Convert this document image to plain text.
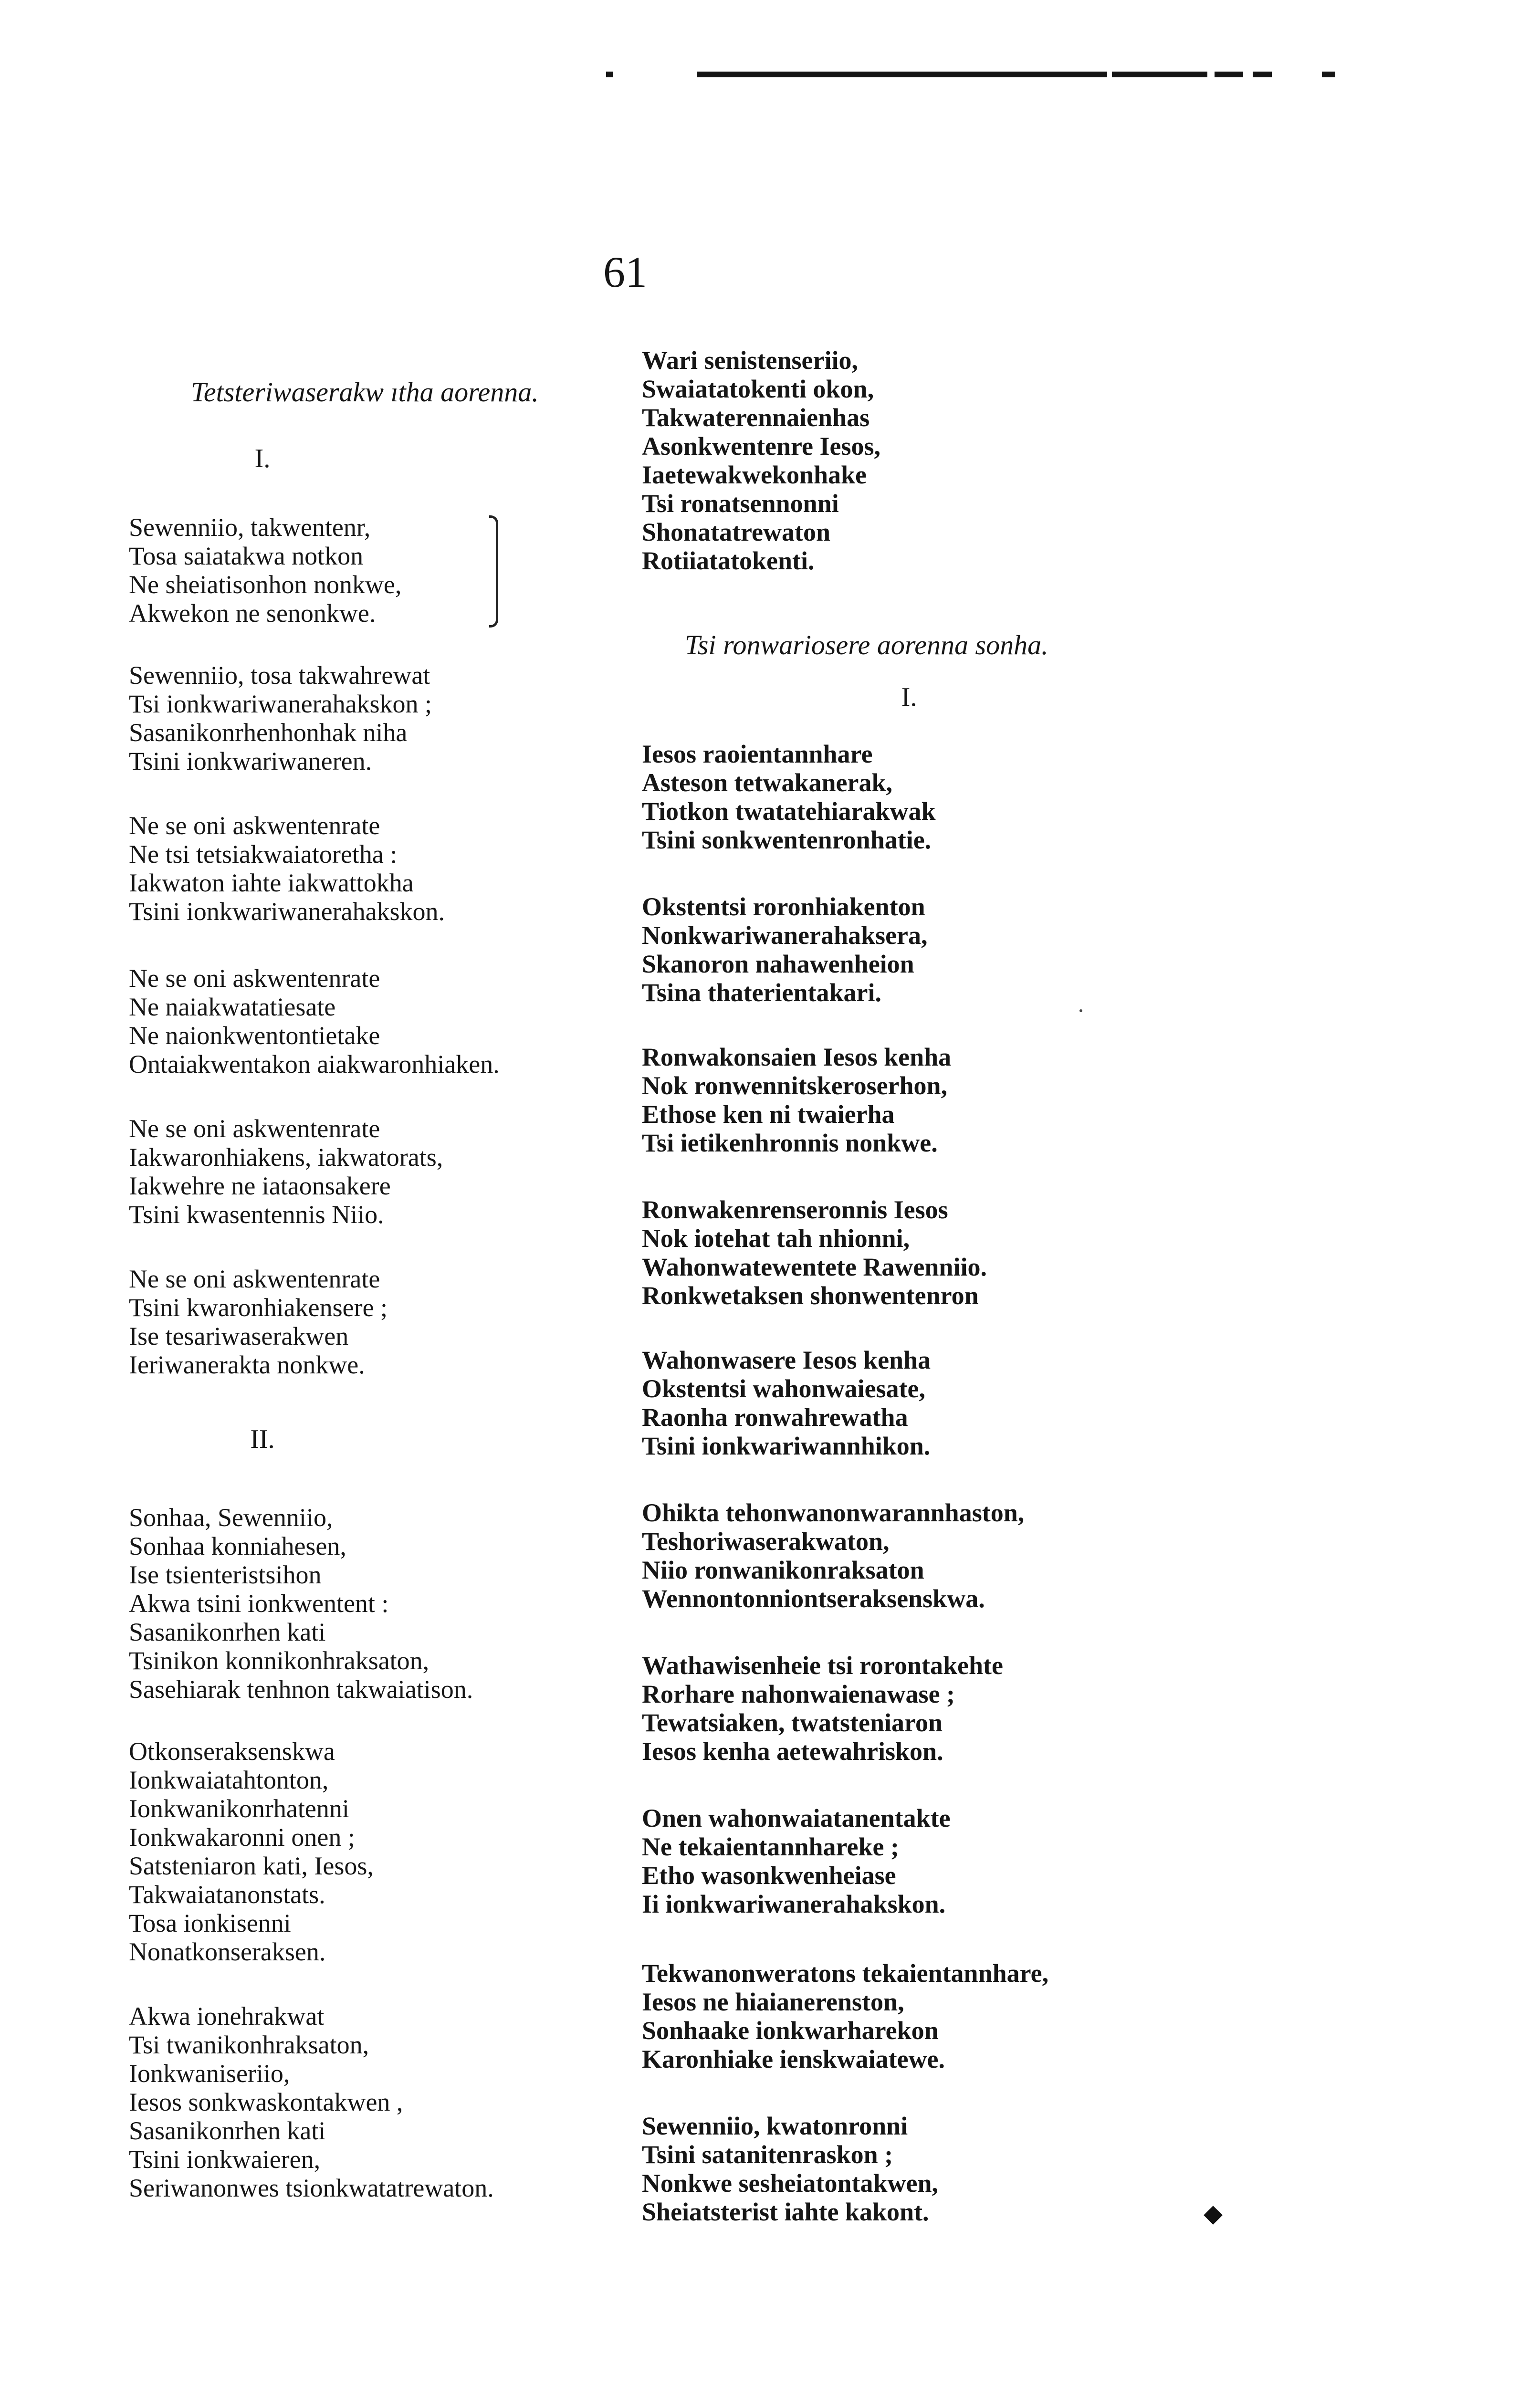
61
Tetsteriwaserakw ıtha aorenna.
I.
Sewenniio, takwentenr,
Tosa saiatakwa notkon
Ne sheiatisonhon nonkwe,
Akwekon ne senonkwe.
Sewenniio, tosa takwahrewat
Tsi ionkwariwanerahakskon ;
Sasanikonrhenhonhak niha
Tsini ionkwariwaneren.
Ne se oni askwentenrate
Ne tsi tetsiakwaiatoretha :
Iakwaton iahte iakwattokha
Tsini ionkwariwanerahakskon.
Ne se oni askwentenrate
Ne naiakwatatiesate
Ne naionkwentontietake
Ontaiakwentakon aiakwaronhiaken.
Ne se oni askwentenrate
Iakwaronhiakens, iakwatorats,
Iakwehre ne iataonsakere
Tsini kwasentennis Niio.
Ne se oni askwentenrate
Tsini kwaronhiakensere ;
Ise tesariwaserakwen
Ieriwanerakta nonkwe.
II.
Sonhaa, Sewenniio,
Sonhaa konniahesen,
Ise tsienteristsihon
Akwa tsini ionkwentent :
Sasanikonrhen kati
Tsinikon konnikonhraksaton,
Sasehiarak tenhnon takwaiatison.
Otkonseraksenskwa
Ionkwaiatahtonton,
Ionkwanikonrhatenni
Ionkwakaronni onen ;
Satsteniaron kati, Iesos,
Takwaiatanonstats.
Tosa ionkisenni
Nonatkonseraksen.
Akwa ionehrakwat
Tsi twanikonhraksaton,
Ionkwaniseriio,
Iesos sonkwaskontakwen ,
Sasanikonrhen kati
Tsini ionkwaieren,
Seriwanonwes tsionkwatatrewaton.
Wari senistenseriio,
Swaiatatokenti okon,
Takwaterennaienhas
Asonkwentenre Iesos,
Iaetewakwekonhake
Tsi ronatsennonni
Shonatatrewaton
Rotiiatatokenti.
Tsi ronwariosere aorenna sonha.
I.
Iesos raoientannhare
Asteson tetwakanerak,
Tiotkon twatatehiarakwak
Tsini sonkwentenronhatie.
Okstentsi roronhiakenton
Nonkwariwanerahaksera,
Skanoron nahawenheion
Tsina thaterientakari.
Ronwakonsaien Iesos kenha
Nok ronwennitskeroserhon,
Ethose ken ni twaierha
Tsi ietikenhronnis nonkwe.
Ronwakenrenseronnis Iesos
Nok iotehat tah nhionni,
Wahonwatewentete Rawenniio.
Ronkwetaksen shonwentenron
Wahonwasere Iesos kenha
Okstentsi wahonwaiesate,
Raonha ronwahrewatha
Tsini ionkwariwannhikon.
Ohikta tehonwanonwarannhaston,
Teshoriwaserakwaton,
Niio ronwanikonraksaton
Wennontonniontseraksenskwa.
Wathawisenheie tsi rorontakehte
Rorhare nahonwaienawase ;
Tewatsiaken, twatsteniaron
Iesos kenha aetewahriskon.
Onen wahonwaiatanentakte
Ne tekaientannhareke ;
Etho wasonkwenheiase
Ii ionkwariwanerahakskon.
Tekwanonweratons tekaientannhare,
Iesos ne hiaianerenston,
Sonhaake ionkwarharekon
Karonhiake ienskwaiatewe.
Sewenniio, kwatonronni
Tsini satanitenraskon ;
Nonkwe sesheiatontakwen,
Sheiatsterist iahte kakont.
